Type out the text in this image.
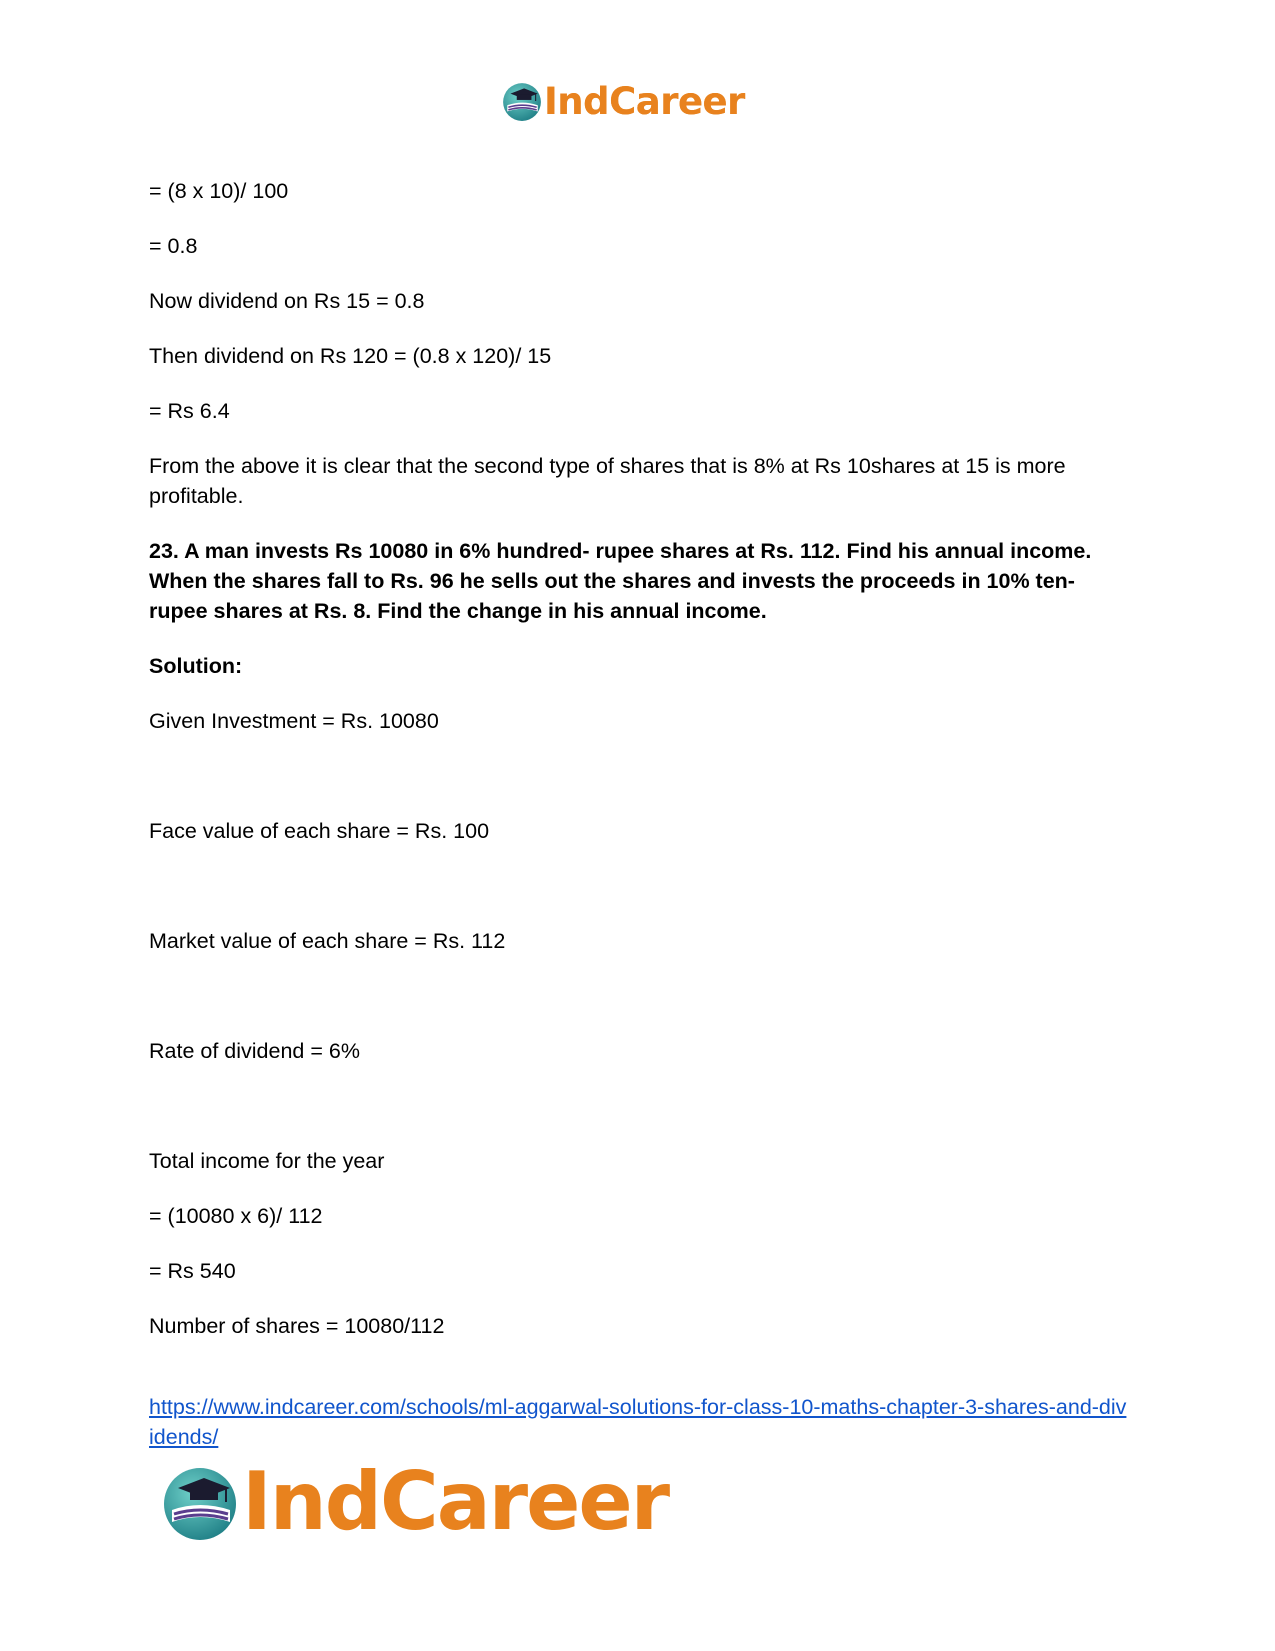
IndCareer

= (8 x 10)/ 100

= 0.8

Now dividend on Rs 15 = 0.8

Then dividend on Rs 120 = (0.8 x 120)/ 15

= Rs 6.4

From the above it is clear that the second type of shares that is 8% at Rs 10shares at 15 is more profitable.

23. A man invests Rs 10080 in 6% hundred- rupee shares at Rs. 112. Find his annual income. When the shares fall to Rs. 96 he sells out the shares and invests the proceeds in 10% ten-rupee shares at Rs. 8. Find the change in his annual income.

Solution:

Given Investment = Rs. 10080

Face value of each share = Rs. 100

Market value of each share = Rs. 112

Rate of dividend = 6%

Total income for the year

= (10080 x 6)/ 112

= Rs 540

Number of shares = 10080/112

https://www.indcareer.com/schools/ml-aggarwal-solutions-for-class-10-maths-chapter-3-shares-and-dividends/
IndCareer
